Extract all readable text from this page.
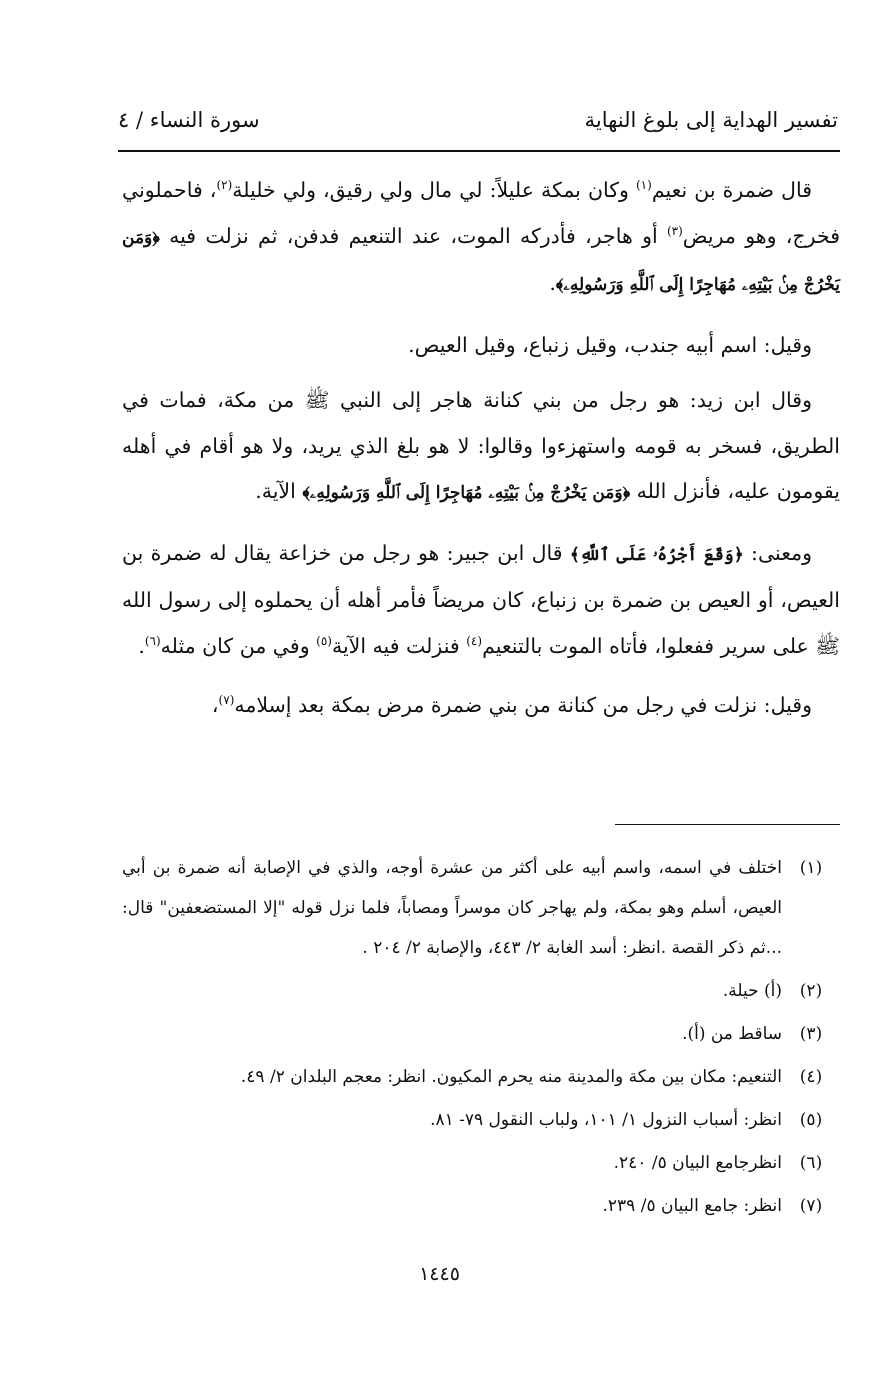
تفسير الهداية إلى بلوغ النهاية
سورة النساء / ٤

قال ضمرة بن نعيم$^{(١)}$ وكان بمكة عليلاً: لي مال ولي رقيق، ولي خليلة$^{(٢)}$، فاحملوني فخرج، وهو مريض$^{(٣)}$ أو هاجر، فأدركه الموت، عند التنعيم فدفن، ثم نزلت فيه ﴿وَمَن يَخْرُجْ مِنۢ بَيْتِهِۦ مُهَاجِرًا إِلَى ٱللَّهِ وَرَسُولِهِۦ﴾.

وقيل: اسم أبيه جندب، وقيل زنباع، وقيل العيص.

وقال ابن زيد: هو رجل من بني كنانة هاجر إلى النبي ﷺ من مكة، فمات في الطريق، فسخر به قومه واستهزءوا وقالوا: لا هو بلغ الذي يريد، ولا هو أقام في أهله يقومون عليه، فأنزل الله ﴿وَمَن يَخْرُجْ مِنۢ بَيْتِهِۦ مُهَاجِرًا إِلَى ٱللَّهِ وَرَسُولِهِۦ﴾ الآية.

ومعنى: ﴿وَقَعَ أَجْرُهُۥ عَلَى ٱللَّهِ﴾ قال ابن جبير: هو رجل من خزاعة يقال له ضمرة بن العيص، أو العيص بن ضمرة بن زنباع، كان مريضاً فأمر أهله أن يحملوه إلى رسول الله ﷺ على سرير ففعلوا، فأتاه الموت بالتنعيم$^{(٤)}$ فنزلت فيه الآية$^{(٥)}$ وفي من كان مثله$^{(٦)}$.

وقيل: نزلت في رجل من كنانة من بني ضمرة مرض بمكة بعد إسلامه$^{(٧)}$،

(١)
اختلف في اسمه، واسم أبيه على أكثر من عشرة أوجه، والذي في الإصابة أنه ضمرة بن أبي العيص، أسلم وهو بمكة، ولم يهاجر كان موسراً ومصاباً، فلما نزل قوله "إلا المستضعفين" قال: ...ثم ذكر القصة .انظر: أسد الغابة ٢/ ٤٤٣، والإصابة ٢/ ٢٠٤ .
(٢)
(أ) حيلة.
(٣)
ساقط من (أ).
(٤)
التنعيم: مكان بين مكة والمدينة منه يحرم المكيون. انظر: معجم البلدان ٢/ ٤٩.
(٥)
انظر: أسباب النزول ١/ ١٠١، ولباب النقول ٧٩- ٨١.
(٦)
انظرجامع البيان ٥/ ٢٤٠.
(٧)
انظر: جامع البيان ٥/ ٢٣٩.
١٤٤٥
